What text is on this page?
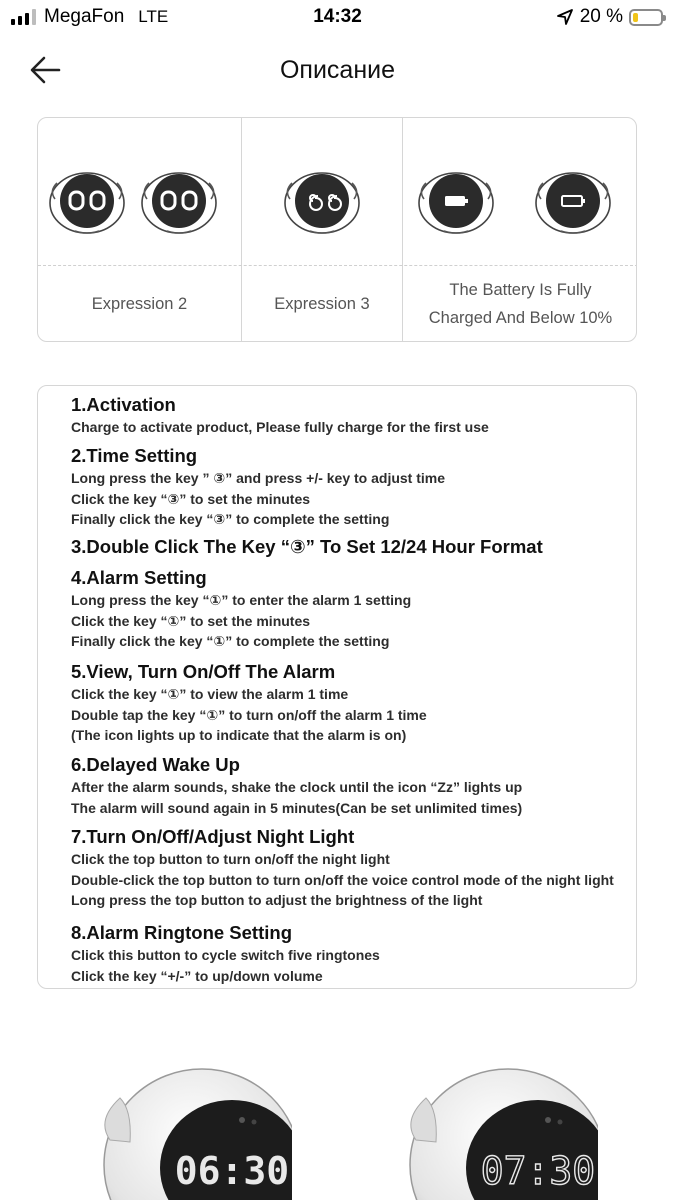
MegaFon LTE	14:32	20 %
Описание
Expression 2	Expression 3
The Battery Is Fully Charged And Below 10%
1.Activation

Charge to activate product, Please fully charge for the first use

2.Time Setting

Long press the key ” ③” and press +/- key to adjust time

Click the key “③” to set the minutes

Finally click the key “③” to complete the setting

3.Double Click The Key “③” To Set 12/24 Hour Format
4.Alarm Setting

Long press the key “①” to enter the alarm 1 setting

Click the key “①” to set the minutes

Finally click the key “①” to complete the setting

5.View, Turn On/Off The Alarm

Click the key “①” to view the alarm 1 time

Double tap the key “①” to turn on/off the alarm 1 time

(The icon lights up to indicate that the alarm is on)

6.Delayed Wake Up

After the alarm sounds, shake the clock until the icon “Zz” lights up

The alarm will sound again in 5 minutes(Can be set unlimited times)

7.Turn On/Off/Adjust Night Light

Click the top button to turn on/off the night light

Double-click the top button to turn on/off the voice control mode of the night light

Long press the top button to adjust the brightness of the light

8.Alarm Ringtone Setting

Click this button to cycle switch five ringtones

Click the key “+/-” to up/down volume

06:30	07:30
